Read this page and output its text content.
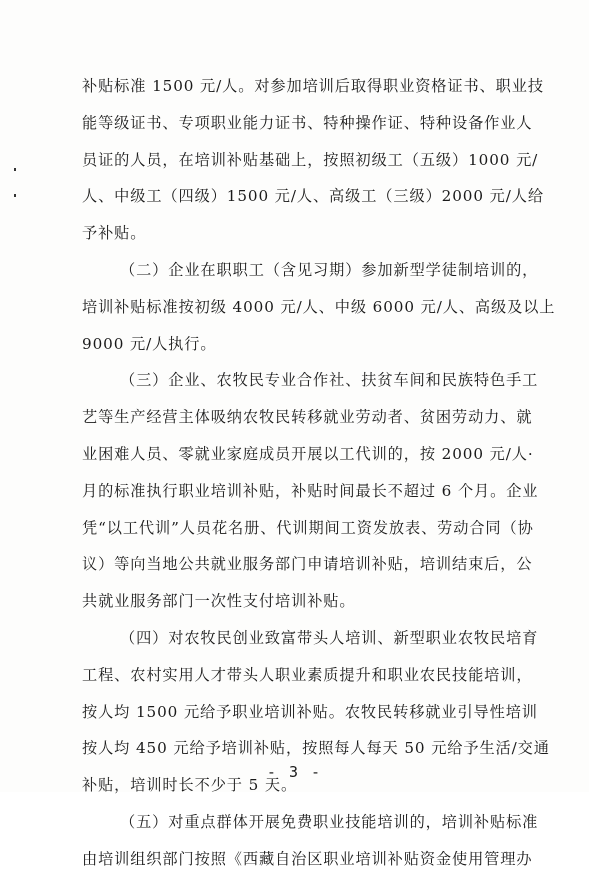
补贴标准 1500 元/人。对参加培训后取得职业资格证书、职业技
能等级证书、专项职业能力证书、特种操作证、特种设备作业人
员证的人员，在培训补贴基础上，按照初级工（五级）1000 元/
人、中级工（四级）1500 元/人、高级工（三级）2000 元/人给
予补贴。
（二）企业在职职工（含见习期）参加新型学徒制培训的，
培训补贴标准按初级 4000 元/人、中级 6000 元/人、高级及以上
9000 元/人执行。
（三）企业、农牧民专业合作社、扶贫车间和民族特色手工
艺等生产经营主体吸纳农牧民转移就业劳动者、贫困劳动力、就
业困难人员、零就业家庭成员开展以工代训的，按 2000 元/人·
月的标准执行职业培训补贴，补贴时间最长不超过 6 个月。企业
凭“以工代训”人员花名册、代训期间工资发放表、劳动合同（协
议）等向当地公共就业服务部门申请培训补贴，培训结束后，公
共就业服务部门一次性支付培训补贴。
（四）对农牧民创业致富带头人培训、新型职业农牧民培育
工程、农村实用人才带头人职业素质提升和职业农民技能培训，
按人均 1500 元给予职业培训补贴。农牧民转移就业引导性培训
按人均 450 元给予培训补贴，按照每人每天 50 元给予生活/交通
补贴，培训时长不少于 5 天。
（五）对重点群体开展免费职业技能培训的，培训补贴标准
由培训组织部门按照《西藏自治区职业培训补贴资金使用管理办
- 3 -
